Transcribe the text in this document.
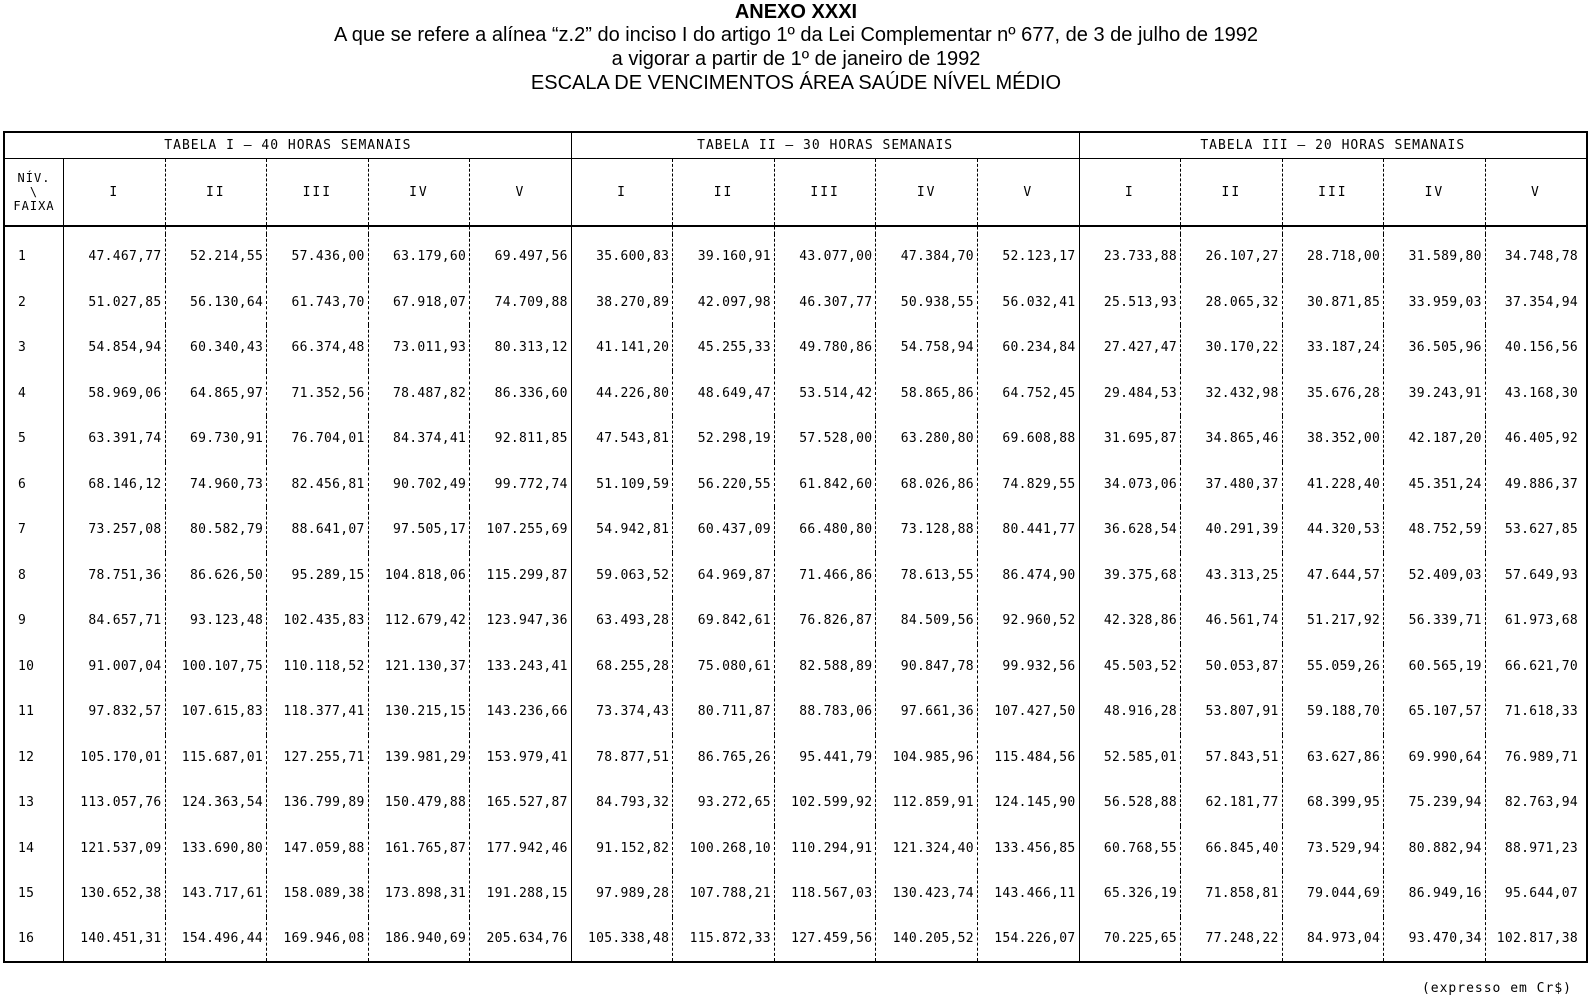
ANEXO XXXI
A que se refere a alínea “z.2” do inciso I do artigo 1º da Lei Complementar nº 677, de 3 de julho de 1992
a vigorar a partir de 1º de janeiro de 1992
ESCALA DE VENCIMENTOS ÁREA SAÚDE NÍVEL MÉDIO
TABELA I – 40 HORAS SEMANAIS						TABELA II – 30 HORAS SEMANAIS					TABELA III – 20 HORAS SEMANAIS				

NÍV.
\
FAIXA	I	II	III	IV	V	I	II	III	IV	V	I	II	III	IV	V

1	47.467,77	52.214,55	57.436,00	63.179,60	69.497,56	35.600,83	39.160,91	43.077,00	47.384,70	52.123,17	23.733,88	26.107,27	28.718,00	31.589,80	34.748,78
2	51.027,85	56.130,64	61.743,70	67.918,07	74.709,88	38.270,89	42.097,98	46.307,77	50.938,55	56.032,41	25.513,93	28.065,32	30.871,85	33.959,03	37.354,94
3	54.854,94	60.340,43	66.374,48	73.011,93	80.313,12	41.141,20	45.255,33	49.780,86	54.758,94	60.234,84	27.427,47	30.170,22	33.187,24	36.505,96	40.156,56
4	58.969,06	64.865,97	71.352,56	78.487,82	86.336,60	44.226,80	48.649,47	53.514,42	58.865,86	64.752,45	29.484,53	32.432,98	35.676,28	39.243,91	43.168,30
5	63.391,74	69.730,91	76.704,01	84.374,41	92.811,85	47.543,81	52.298,19	57.528,00	63.280,80	69.608,88	31.695,87	34.865,46	38.352,00	42.187,20	46.405,92
6	68.146,12	74.960,73	82.456,81	90.702,49	99.772,74	51.109,59	56.220,55	61.842,60	68.026,86	74.829,55	34.073,06	37.480,37	41.228,40	45.351,24	49.886,37
7	73.257,08	80.582,79	88.641,07	97.505,17	107.255,69	54.942,81	60.437,09	66.480,80	73.128,88	80.441,77	36.628,54	40.291,39	44.320,53	48.752,59	53.627,85
8	78.751,36	86.626,50	95.289,15	104.818,06	115.299,87	59.063,52	64.969,87	71.466,86	78.613,55	86.474,90	39.375,68	43.313,25	47.644,57	52.409,03	57.649,93
9	84.657,71	93.123,48	102.435,83	112.679,42	123.947,36	63.493,28	69.842,61	76.826,87	84.509,56	92.960,52	42.328,86	46.561,74	51.217,92	56.339,71	61.973,68
10	91.007,04	100.107,75	110.118,52	121.130,37	133.243,41	68.255,28	75.080,61	82.588,89	90.847,78	99.932,56	45.503,52	50.053,87	55.059,26	60.565,19	66.621,70
11	97.832,57	107.615,83	118.377,41	130.215,15	143.236,66	73.374,43	80.711,87	88.783,06	97.661,36	107.427,50	48.916,28	53.807,91	59.188,70	65.107,57	71.618,33
12	105.170,01	115.687,01	127.255,71	139.981,29	153.979,41	78.877,51	86.765,26	95.441,79	104.985,96	115.484,56	52.585,01	57.843,51	63.627,86	69.990,64	76.989,71
13	113.057,76	124.363,54	136.799,89	150.479,88	165.527,87	84.793,32	93.272,65	102.599,92	112.859,91	124.145,90	56.528,88	62.181,77	68.399,95	75.239,94	82.763,94
14	121.537,09	133.690,80	147.059,88	161.765,87	177.942,46	91.152,82	100.268,10	110.294,91	121.324,40	133.456,85	60.768,55	66.845,40	73.529,94	80.882,94	88.971,23
15	130.652,38	143.717,61	158.089,38	173.898,31	191.288,15	97.989,28	107.788,21	118.567,03	130.423,74	143.466,11	65.326,19	71.858,81	79.044,69	86.949,16	95.644,07
16	140.451,31	154.496,44	169.946,08	186.940,69	205.634,76	105.338,48	115.872,33	127.459,56	140.205,52	154.226,07	70.225,65	77.248,22	84.973,04	93.470,34	102.817,38
(expresso em Cr$)
